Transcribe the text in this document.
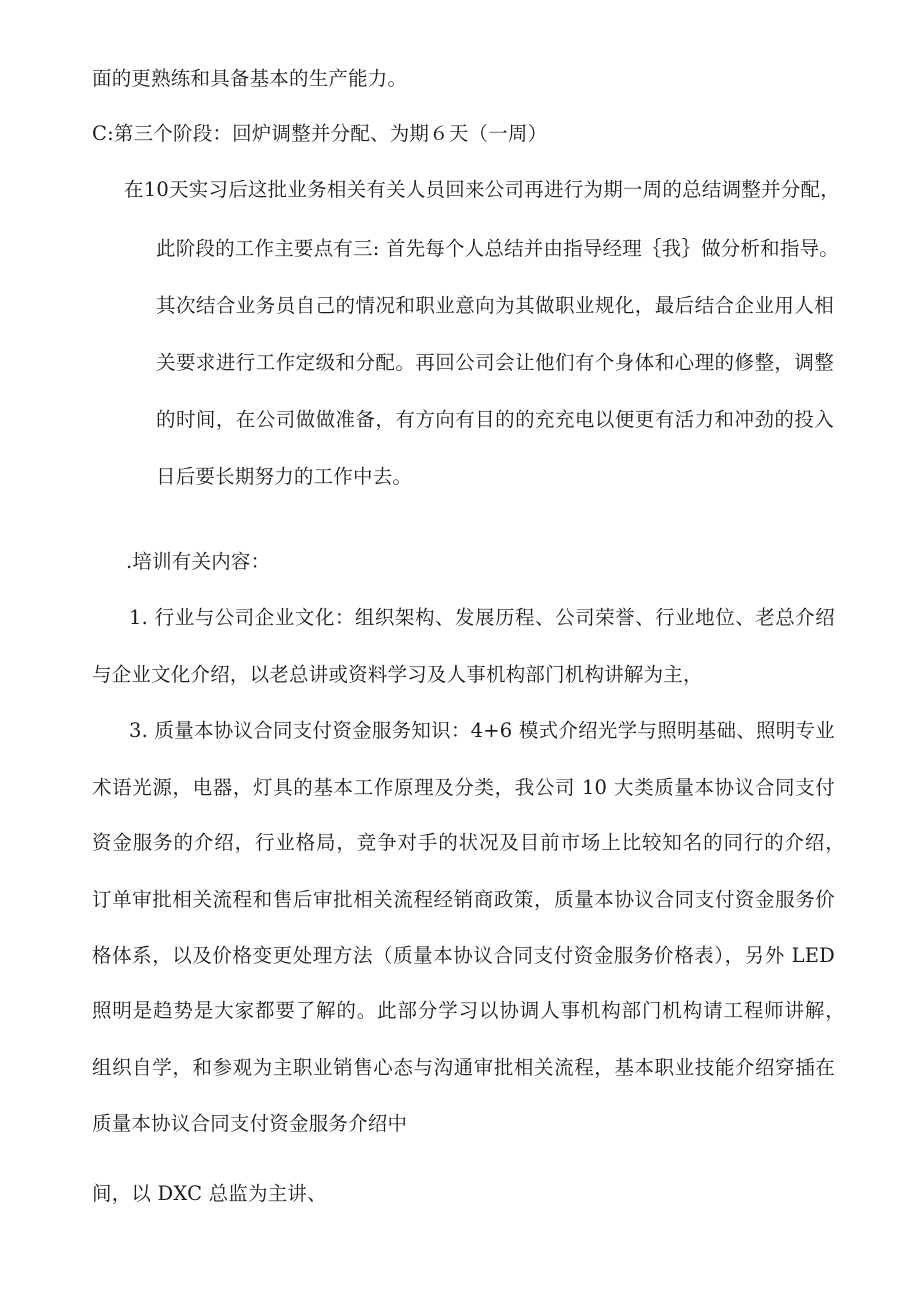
面的更熟练和具备基本的生产能力。
C:第三个阶段：回炉调整并分配、为期６天（一周）
在10天实习后这批业务相关有关人员回来公司再进行为期一周的总结调整并分配，
此阶段的工作主要点有三: 首先每个人总结并由指导经理｛我｝做分析和指导。
其次结合业务员自己的情况和职业意向为其做职业规化，最后结合企业用人相
关要求进行工作定级和分配。再回公司会让他们有个身体和心理的修整，调整
的时间，在公司做做准备，有方向有目的的充充电以便更有活力和冲劲的投入
日后要长期努力的工作中去。
.培训有关内容：
1. 行业与公司企业文化：组织架构、发展历程、公司荣誉、行业地位、老总介绍
与企业文化介绍，以老总讲或资料学习及人事机构部门机构讲解为主，
3. 质量本协议合同支付资金服务知识：4+6 模式介绍光学与照明基础、照明专业
术语光源，电器，灯具的基本工作原理及分类，我公司 10 大类质量本协议合同支付
资金服务的介绍，行业格局，竞争对手的状况及目前市场上比较知名的同行的介绍，
订单审批相关流程和售后审批相关流程经销商政策，质量本协议合同支付资金服务价
格体系，以及价格变更处理方法（质量本协议合同支付资金服务价格表），另外 LED
照明是趋势是大家都要了解的。此部分学习以协调人事机构部门机构请工程师讲解，
组织自学，和参观为主职业销售心态与沟通审批相关流程，基本职业技能介绍穿插在
质量本协议合同支付资金服务介绍中
间，以 DXC 总监为主讲、
